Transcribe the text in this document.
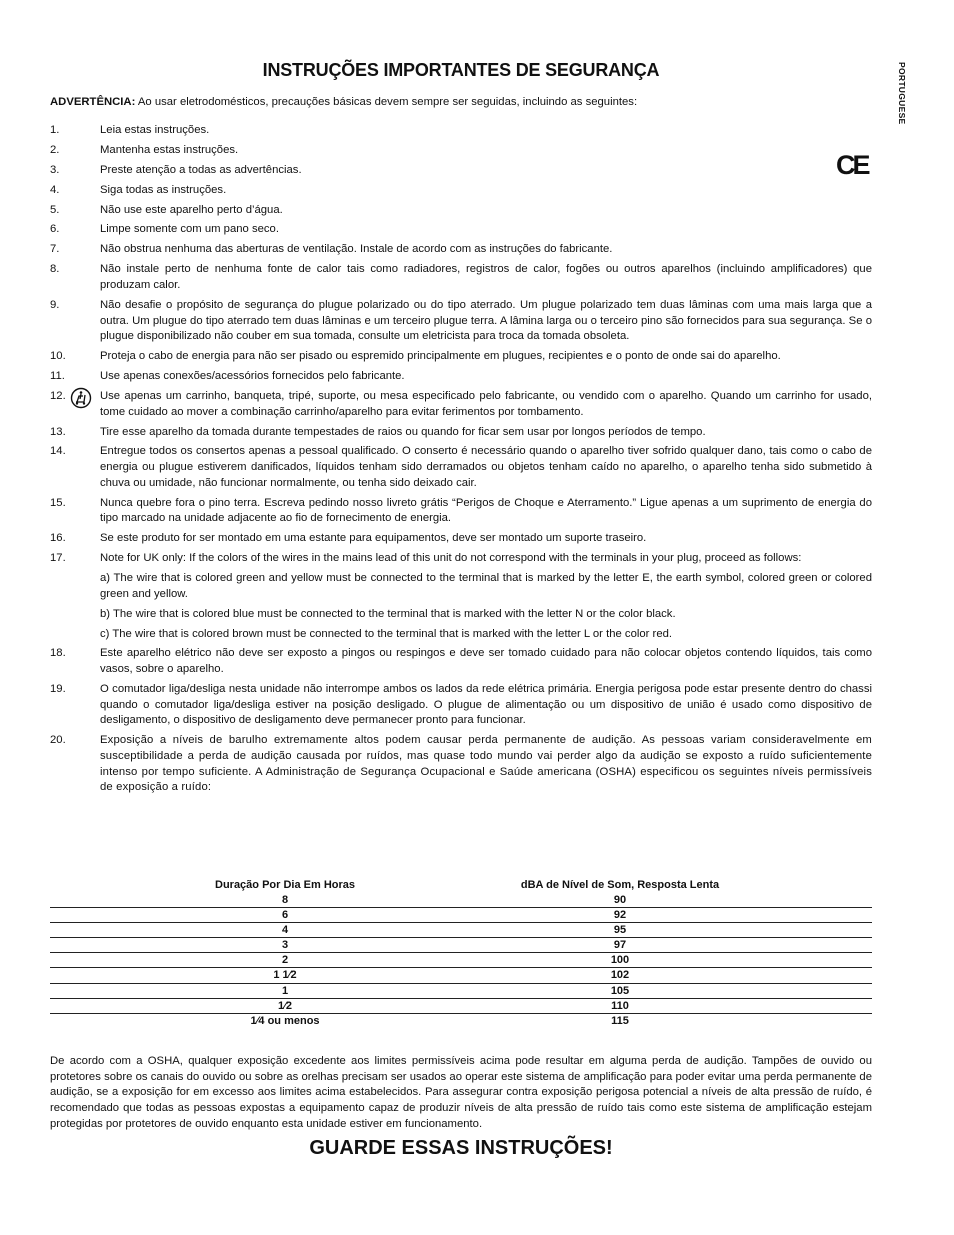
INSTRUÇÕES IMPORTANTES DE SEGURANÇA	PORTUGUESE
CE
ADVERTÊNCIA: Ao usar eletrodomésticos, precauções básicas devem sempre ser seguidas, incluindo as seguintes:
1.	Leia estas instruções.
2.	Mantenha estas instruções.
3.	Preste atenção a todas as advertências.
4.	Siga todas as instruções.
5.	Não use este aparelho perto d’água.
6.	Limpe somente com um pano seco.
7.	Não obstrua nenhuma das aberturas de ventilação. Instale de acordo com as instruções do fabricante.
8.	Não instale perto de nenhuma fonte de calor tais como radiadores, registros de calor, fogões ou outros aparelhos (incluindo amplificadores) que produzam calor.
9.	Não desafie o propósito de segurança do plugue polarizado ou do tipo aterrado. Um plugue polarizado tem duas lâminas com uma mais larga que a outra. Um plugue do tipo aterrado tem duas lâminas e um terceiro plugue terra. A lâmina larga ou o terceiro pino são fornecidos para sua segurança. Se o plugue disponibilizado não couber em sua tomada, consulte um eletricista para troca da tomada obsoleta.
10.	Proteja o cabo de energia para não ser pisado ou espremido principalmente em plugues, recipientes e o ponto de onde sai do aparelho.
11.	Use apenas conexões/acessórios fornecidos pelo fabricante.
12.	Use apenas um carrinho, banqueta, tripé, suporte, ou mesa especificado pelo fabricante, ou vendido com o aparelho. Quando um carrinho for usado, tome cuidado ao mover a combinação carrinho/aparelho para evitar ferimentos por tombamento.
13.	Tire esse aparelho da tomada durante tempestades de raios ou quando for ficar sem usar por longos períodos de tempo.
14.	Entregue todos os consertos apenas a pessoal qualificado. O conserto é necessário quando o aparelho tiver sofrido qualquer dano, tais como o cabo de energia ou plugue estiverem danificados, líquidos tenham sido derramados ou objetos tenham caído no aparelho, o aparelho tenha sido submetido à chuva ou umidade, não funcionar normalmente, ou tenha sido deixado cair.
15.	Nunca quebre fora o pino terra. Escreva pedindo nosso livreto grátis “Perigos de Choque e Aterramento.” Ligue apenas a um suprimento de energia do tipo marcado na unidade adjacente ao fio de fornecimento de energia.
16.	Se este produto for ser montado em uma estante para equipamentos, deve ser montado um suporte traseiro.
17.	Note for UK only: If the colors of the wires in the mains lead of this unit do not correspond with the terminals in your plug, proceed as follows:
a) The wire that is colored green and yellow must be connected to the terminal that is marked by the letter E, the earth symbol, colored green or colored green and yellow.
b) The wire that is colored blue must be connected to the terminal that is marked with the letter N or the color black.
c) The wire that is colored brown must be connected to the terminal that is marked with the letter L or the color red.
18.	Este aparelho elétrico não deve ser exposto a pingos ou respingos e deve ser tomado cuidado para não colocar objetos contendo líquidos, tais como vasos, sobre o aparelho.
19.	O comutador liga/desliga nesta unidade não interrompe ambos os lados da rede elétrica primária. Energia perigosa pode estar presente dentro do chassi quando o comutador liga/desliga estiver na posição desligado. O plugue de alimentação ou um dispositivo de união é usado como dispositivo de desligamento, o dispositivo de desligamento deve permanecer pronto para funcionar.
20.	Exposição a níveis de barulho extremamente altos podem causar perda permanente de audição. As pessoas variam consideravelmente em susceptibilidade a perda de audição causada por ruídos, mas quase todo mundo vai perder algo da audição se exposto a ruído suficientemente intenso por tempo suficiente. A Administração de Segurança Ocupacional e Saúde americana (OSHA) especificou os seguintes níveis permissíveis de exposição a ruído:
Duração Por Dia Em Horas	dBA de Nível de Som, Resposta Lenta
8	90
6	92
4	95
3	97
2	100
1 1⁄2	102
1	105
1⁄2	110
1⁄4 ou menos	115
De acordo com a OSHA, qualquer exposição excedente aos limites permissíveis acima pode resultar em alguma perda de audição. Tampões de ouvido ou protetores sobre os canais do ouvido ou sobre as orelhas precisam ser usados ao operar este sistema de amplificação para poder evitar uma perda permanente de audição, se a exposição for em excesso aos limites acima estabelecidos. Para assegurar contra exposição perigosa potencial a níveis de alta pressão de ruído, é recomendado que todas as pessoas expostas a equipamento capaz de produzir níveis de alta pressão de ruído tais como este sistema de amplificação estejam protegidas por protetores de ouvido enquanto esta unidade estiver em funcionamento.
GUARDE ESSAS INSTRUÇÕES!
